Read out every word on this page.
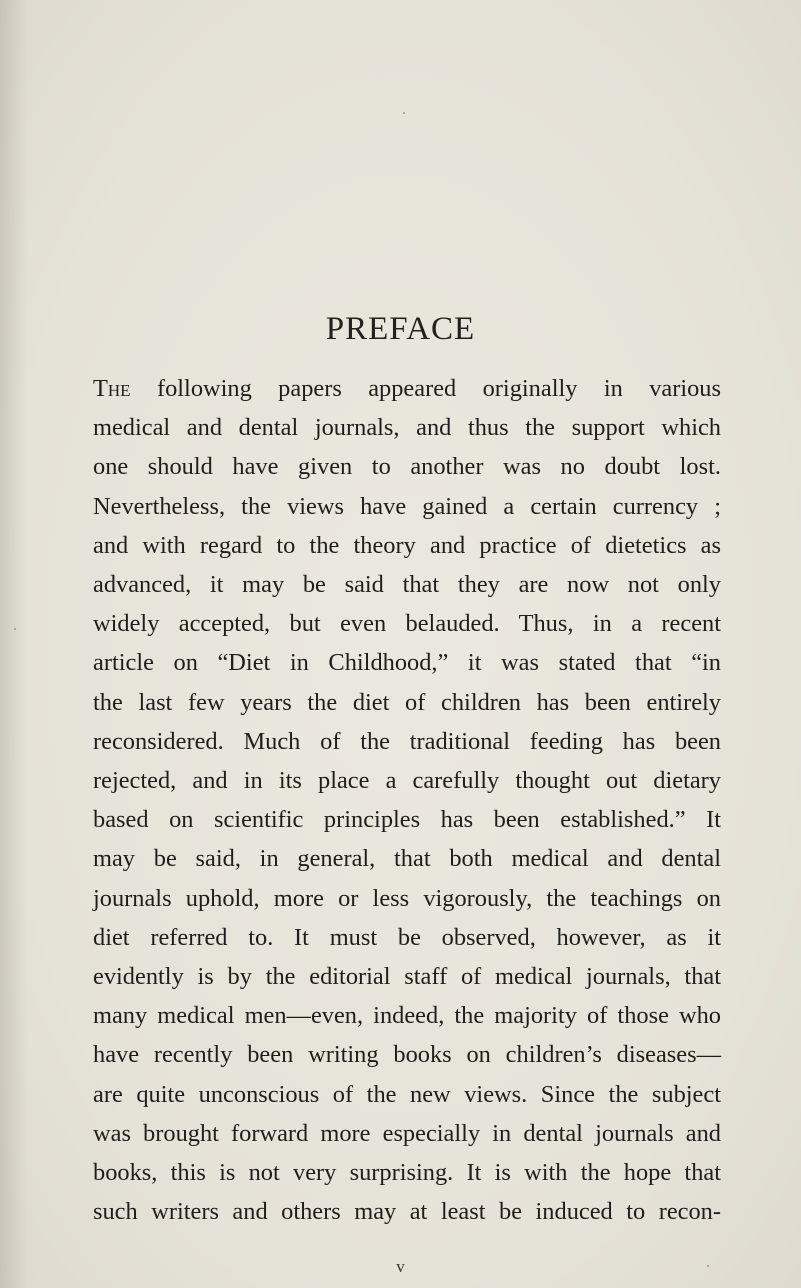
PREFACE
The following papers appeared originally in various
medical and dental journals, and thus the support which
one should have given to another was no doubt lost.
Nevertheless, the views have gained a certain currency ;
and with regard to the theory and practice of dietetics as
advanced, it may be said that they are now not only
widely accepted, but even belauded. Thus, in a recent
article on “Diet in Childhood,” it was stated that “in
the last few years the diet of children has been entirely
reconsidered. Much of the traditional feeding has been
rejected, and in its place a carefully thought out dietary
based on scientific principles has been established.” It
may be said, in general, that both medical and dental
journals uphold, more or less vigorously, the teachings on
diet referred to. It must be observed, however, as it
evidently is by the editorial staff of medical journals, that
many medical men—even, indeed, the majority of those who
have recently been writing books on children’s diseases—
are quite unconscious of the new views. Since the subject
was brought forward more especially in dental journals and
books, this is not very surprising. It is with the hope that
such writers and others may at least be induced to recon-
v
